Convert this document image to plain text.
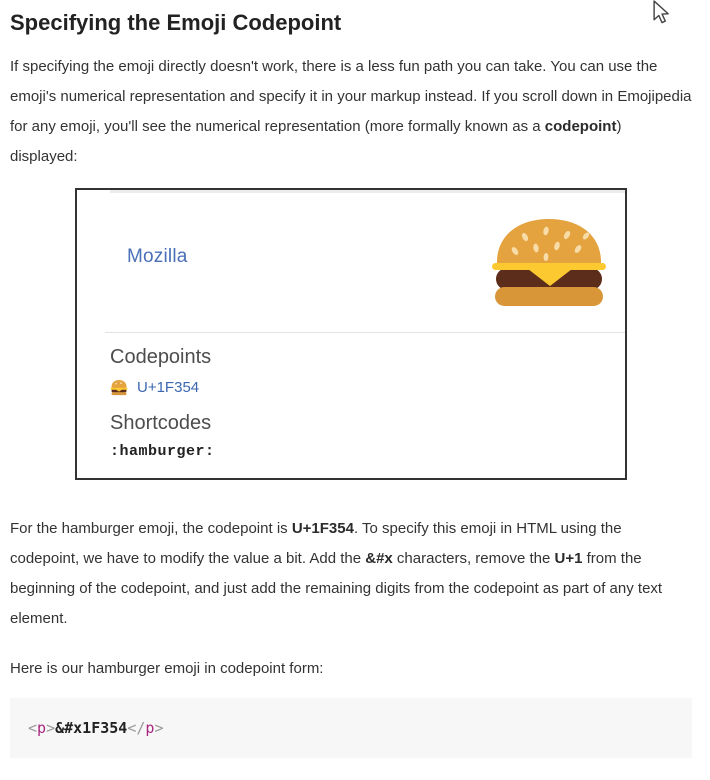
Specifying the Emoji Codepoint

If specifying the emoji directly doesn't work, there is a less fun path you can take. You can use the emoji's numerical representation and specify it in your markup instead. If you scroll down in Emojipedia for any emoji, you'll see the numerical representation (more formally known as a codepoint) displayed:

Mozilla
Codepoints
U+1F354
Shortcodes
:hamburger:

For the hamburger emoji, the codepoint is U+1F354. To specify this emoji in HTML using the codepoint, we have to modify the value a bit. Add the &#x characters, remove the U+1 from the beginning of the codepoint, and just add the remaining digits from the codepoint as part of any text element.

Here is our hamburger emoji in codepoint form:

<p>&#x1F354</p>
